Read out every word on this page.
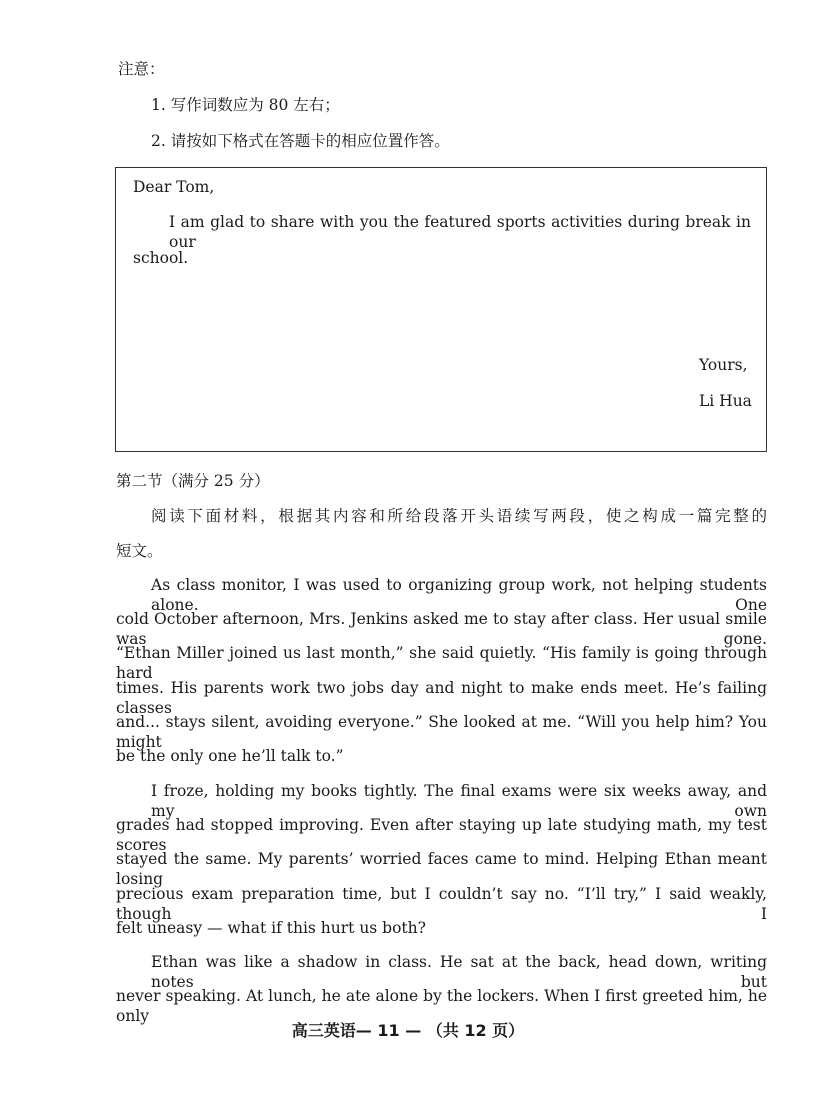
注意：
1. 写作词数应为 80 左右；
2. 请按如下格式在答题卡的相应位置作答。
Dear Tom,
I am glad to share with you the featured sports activities during break in our
school.
Yours,
Li Hua
第二节（满分 25 分）
阅读下面材料，根据其内容和所给段落开头语续写两段，使之构成一篇完整的
短文。
As class monitor, I was used to organizing group work, not helping students alone. One
cold October afternoon, Mrs. Jenkins asked me to stay after class. Her usual smile was gone.
“Ethan Miller joined us last month,” she said quietly. “His family is going through hard
times. His parents work two jobs day and night to make ends meet. He’s failing classes
and... stays silent, avoiding everyone.” She looked at me. “Will you help him? You might
be the only one he’ll talk to.”
I froze, holding my books tightly. The final exams were six weeks away, and my own
grades had stopped improving. Even after staying up late studying math, my test scores
stayed the same. My parents’ worried faces came to mind. Helping Ethan meant losing
precious exam preparation time, but I couldn’t say no. “I’ll try,” I said weakly, though I
felt uneasy — what if this hurt us both?
Ethan was like a shadow in class. He sat at the back, head down, writing notes but
never speaking. At lunch, he ate alone by the lockers. When I first greeted him, he only
高三英语— 11 — （共 12 页）
